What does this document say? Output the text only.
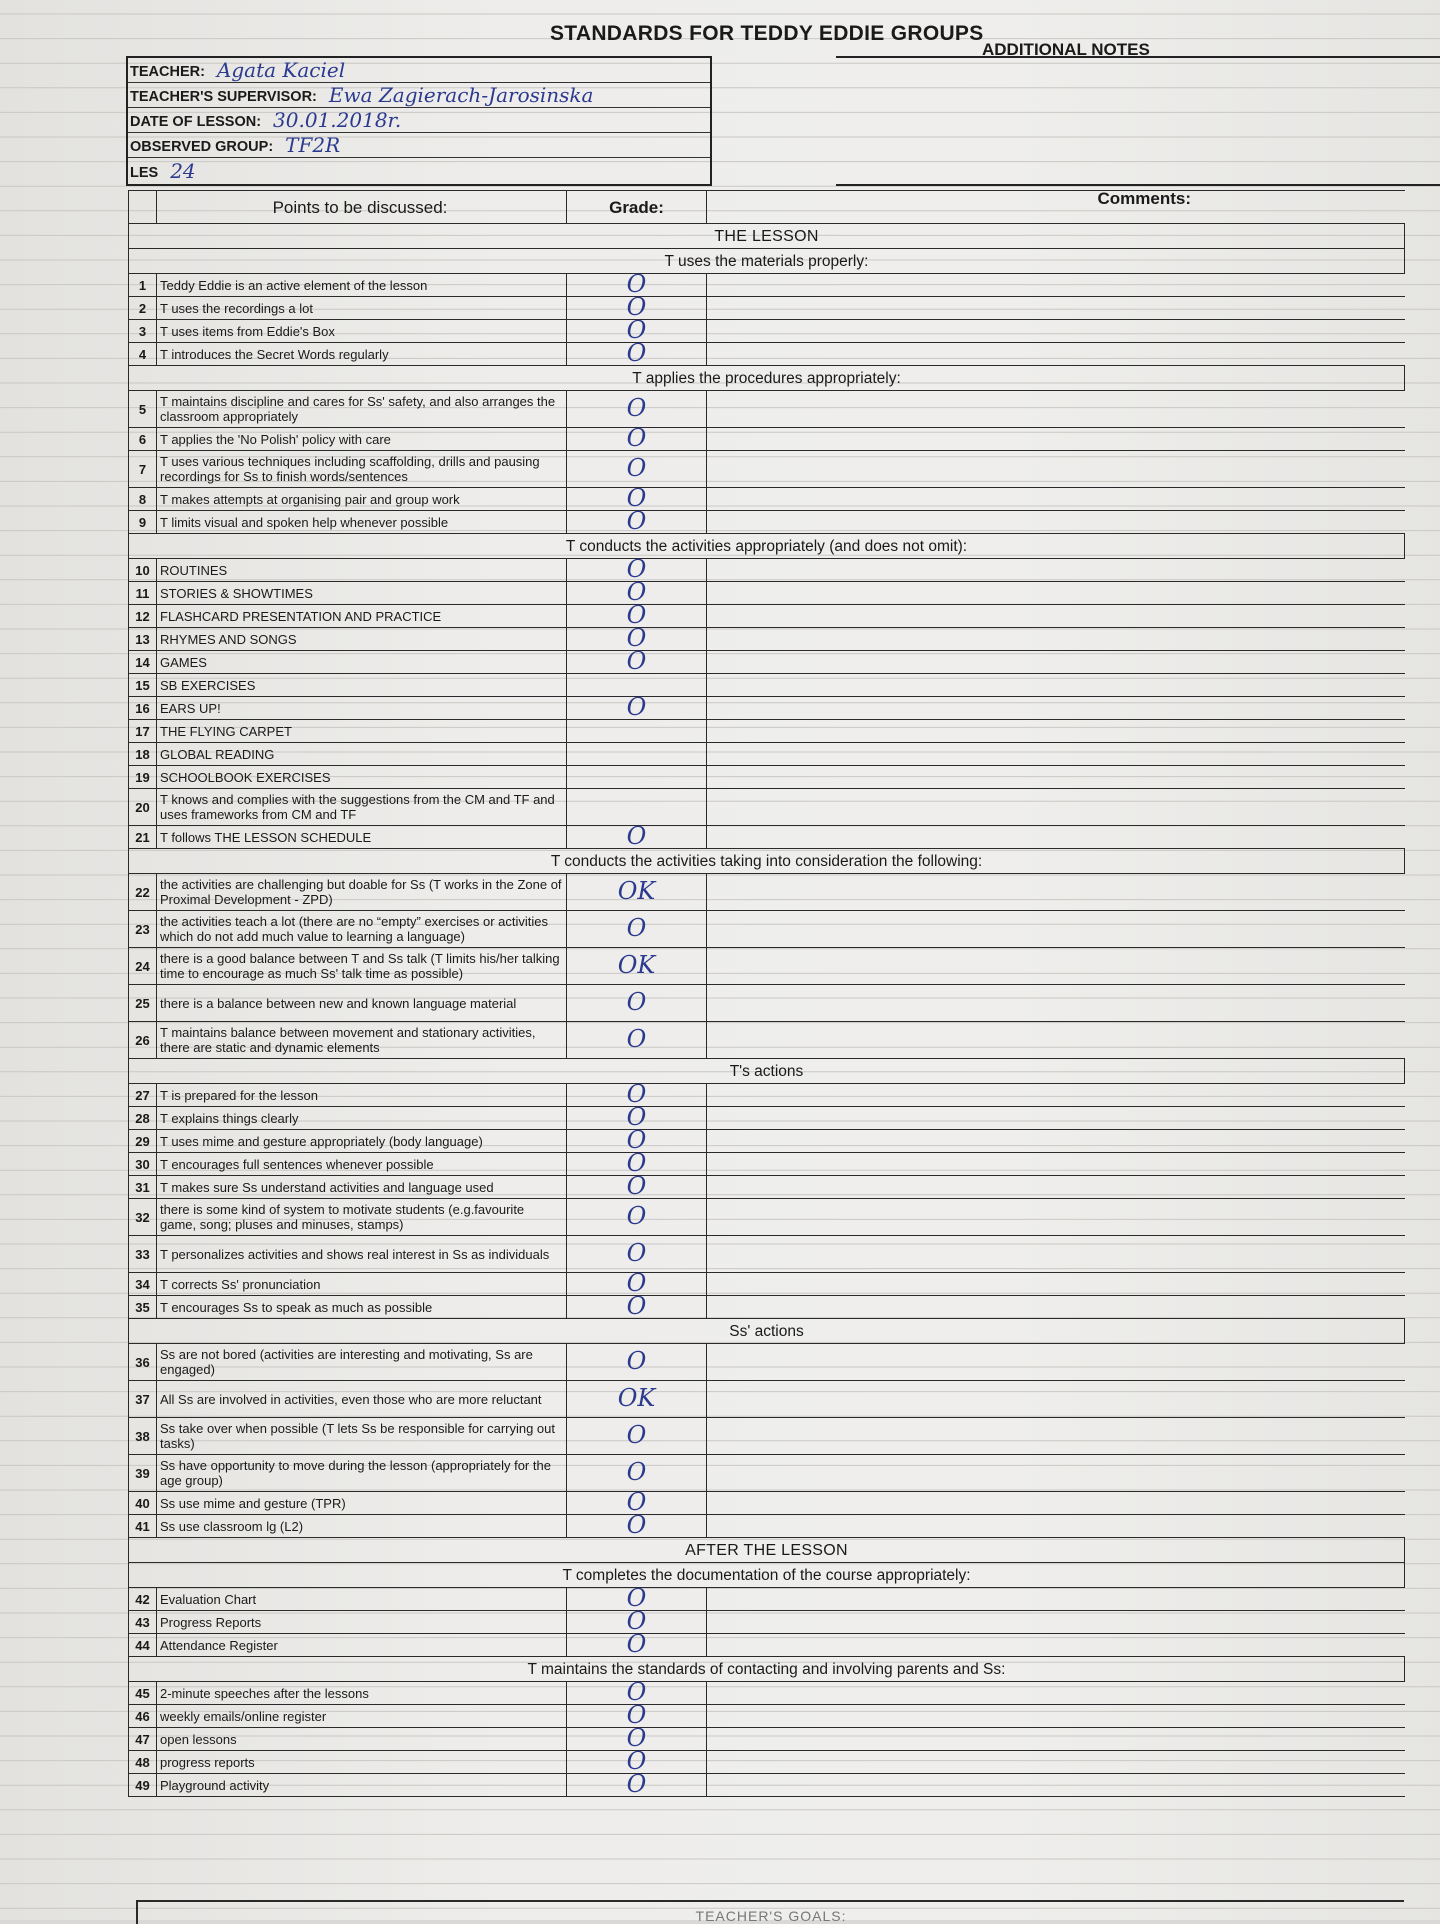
STANDARDS FOR TEDDY EDDIE GROUPS
ADDITIONAL NOTES
TEACHER: Agata Kaciel
TEACHER'S SUPERVISOR: Ewa Zagierach-Jarosinska
DATE OF LESSON: 30.01.2018r.
OBSERVED GROUP: TF2R
LES 24
	Points to be discussed:	Grade:	Comments:
THE LESSON			
T uses the materials properly:			
1	Teddy Eddie is an active element of the lesson	O	
2	T uses the recordings a lot	O	
3	T uses items from Eddie's Box	O	
4	T introduces the Secret Words regularly	O	
T applies the procedures appropriately:			
5	T maintains discipline and cares for Ss' safety, and also arranges the classroom appropriately	O	
6	T applies the 'No Polish' policy with care	O	
7	T uses various techniques including scaffolding, drills and pausing recordings for Ss to finish words/sentences	O	
8	T makes attempts at organising pair and group work	O	
9	T limits visual and spoken help whenever possible	O	
T conducts the activities appropriately (and does not omit):			
10	ROUTINES	O	
11	STORIES & SHOWTIMES	O	
12	FLASHCARD PRESENTATION AND PRACTICE	O	
13	RHYMES AND SONGS	O	
14	GAMES	O	
15	SB EXERCISES		
16	EARS UP!	O	
17	THE FLYING CARPET		
18	GLOBAL READING		
19	SCHOOLBOOK EXERCISES		
20	T knows and complies with the suggestions from the CM and TF and uses frameworks from CM and TF		
21	T follows THE LESSON SCHEDULE	O	
T conducts the activities taking into consideration the following:			
22	the activities are challenging but doable for Ss (T works in the Zone of Proximal Development - ZPD)	OK	
23	the activities teach a lot (there are no “empty” exercises or activities which do not add much value to learning a language)	O	
24	there is a good balance between T and Ss talk (T limits his/her talking time to encourage as much Ss' talk time as possible)	OK	
25	there is a balance between new and known language material	O	
26	T maintains balance between movement and stationary activities, there are static and dynamic elements	O	
T's actions			
27	T is prepared for the lesson	O	
28	T explains things clearly	O	
29	T uses mime and gesture appropriately (body language)	O	
30	T encourages full sentences whenever possible	O	
31	T makes sure Ss understand activities and language used	O	
32	there is some kind of system to motivate students (e.g.favourite game, song; pluses and minuses, stamps)	O	
33	T personalizes activities and shows real interest in Ss as individuals	O	
34	T corrects Ss' pronunciation	O	
35	T encourages Ss to speak as much as possible	O	
Ss' actions			
36	Ss are not bored (activities are interesting and motivating, Ss are engaged)	O	
37	All Ss are involved in activities, even those who are more reluctant	OK	
38	Ss take over when possible (T lets Ss be responsible for carrying out tasks)	O	
39	Ss have opportunity to move during the lesson (appropriately for the age group)	O	
40	Ss use mime and gesture (TPR)	O	
41	Ss use classroom lg (L2)	O	
AFTER THE LESSON			
T completes the documentation of the course appropriately:			
42	Evaluation Chart	O	
43	Progress Reports	O	
44	Attendance Register	O	
T maintains the standards of contacting and involving parents and Ss:			
45	2-minute speeches after the lessons	O	
46	weekly emails/online register	O	
47	open lessons	O	
48	progress reports	O	
49	Playground activity	O	
TEACHER'S GOALS:
